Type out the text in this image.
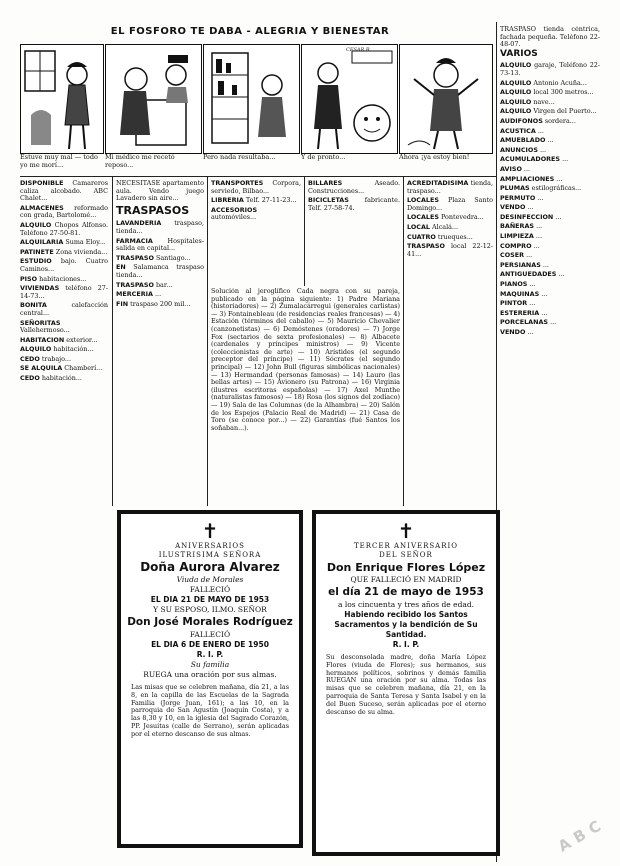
EL FOSFORO TE DABA - ALEGRIA Y BIENESTAR
CESAR B.
Estuve muy mal — todo yo me morí...
Mi médico me recetó reposo...
Pero nada resultaba...	Y de pronto...	Ahora ¡ya estoy bien!

DISPONIBLE Camareros caliza alcobado. ABC Chalet...

ALMACENES reformado con grada, Bartolomé...

ALQUILO Chopos Alfonso. Teléfono 27-50-81.

ALQUILARIA Suma Eloy...

PATINETE Zona vivienda...

ESTUDIO bajo. Cuatro Caminos...

PISO habitaciones...

VIVIENDAS teléfono 27-14-73...

BONITA	calefacción central...

SEÑORITAS Vallehermoso...

HABITACION exterior...

ALQUILO habitación...

CEDO trabajo...

SE ALQUILA Chamberí...

CEDO habitación...

NECESITASE apartamento aula. Vendo juego Lavadero sin aire...

TRASPASOS

LAVANDERIA traspaso, tienda...

FARMACIA Hospitales-salida en capital...

TRASPASO Santiago...

EN Salamanca traspaso tienda...

TRASPASO bar...

MERCERIA ...

FIN traspaso 200 mil...

TRANSPORTES Corpora, serviedo, Bilbao...

LIBRERIA Telf. 27-11-23...

ACCESORIOS automóviles...

BILLARES	Aseado. Construcciones...

BICICLETAS fabricante. Telf. 27-58-74.

Solución al jeroglífico Cada negra con su pareja, publicado en la página siguiente: 1) Padre Mariana (historiadores) — 2) Zumalacárregui (generales carlistas) — 3) Fontainebleau (de residencias reales francesas) — 4) Estación (términos del caballo) — 5) Mauricio Chevalier (canzonetistas) — 6) Demóstenes (oradores) — 7) Jorge Fox (sectarios de sexta profesionales) — 8) Albacete (cardenales y príncipes ministros) — 9) Vicente (coleccionistas de arte) — 10) Arístides (el segundo preceptor del príncipe) — 11) Sócrates (el segundo principal) — 12) John Bull (figuras simbólicas nacionales) — 13) Hermandad (personas famosas) — 14) Lauro (las bellas artes) — 15) Avionero (su Patrona) — 16) Virginia (ilustres escritoras españolas) — 17) Axel Munthe (naturalistas famosos) — 18) Rosa (los signos del zodíaco) — 19) Sala de las Columnas (de la Alhambra) — 20) Salón de los Espejos (Palacio Real de Madrid) — 21) Casa de Toro (se conoce por...) — 22) Garantías (fué Santos los soñaban...).

ACREDITADISIMA tienda, traspaso...

LOCALES Plaza Santo Domingo...

LOCALES Pontevedra...

LOCAL Alcalá...

CUATRO trueques...

TRASPASO local 22-12-41...

TRASPASO tienda céntrica, fachada pequeña. Teléfono 22-48-07.

VARIOS

ALQUILO garaje, Teléfono 22-73-13.

ALQUILO Antonio Acuña...

ALQUILO local 300 metros...

ALQUILO nave...

ALQUILO Virgen del Puerto...

AUDIFONOS sordera...

ACUSTICA ...

AMUEBLADO ...

ANUNCIOS ...

ACUMULADORES ...

AVISO ...

AMPLIACIONES ...

PLUMAS estilográficas...

PERMUTO ...

VENDO ...

DESINFECCION ...

BAÑERAS ...

LIMPIEZA ...

COMPRO ...

COSER ...

PERSIANAS ...

ANTIGUEDADES ...

PIANOS ...

MAQUINAS ...

PINTOR ...

ESTERERIA ...

PORCELANAS ...

VENDO ...

✝
ANIVERSARIOS
ILUSTRISIMA SEÑORA
Doña Aurora Alvarez
Viuda de Morales
FALLECIÓ
EL DIA 21 DE MAYO DE 1953
Y SU ESPOSO, ILMO. SEÑOR
Don José Morales Rodríguez
FALLECIÓ
EL DIA 6 DE ENERO DE 1950
R. I. P.
Su familia
RUEGA una oración por sus almas.
Las misas que se celebren mañana, día 21, a las 8, en la capilla de las Escuelas de la Sagrada Familia (Jorge Juan, 161); a las 10, en la parroquia de San Agustín (Joaquín Costa), y a las 8,30 y 10, en la iglesia del Sagrado Corazón, PP. Jesuitas (calle de Serrano), serán aplicadas por el eterno descanso de sus almas.
✝
TERCER ANIVERSARIO
DEL SEÑOR
Don Enrique Flores López
QUE FALLECIÓ EN MADRID
el día 21 de mayo de 1953
a los cincuenta y tres años de edad.
Habiendo recibido los Santos Sacramentos y la bendición de Su Santidad.
R. I. P.
Su desconsolada madre, doña María López Flores (viuda de Flores); sus hermanos, sus hermanos políticos, sobrinos y demás familia RUEGAN una oración por su alma. Todas las misas que se celebren mañana, día 21, en la parroquia de Santa Teresa y Santa Isabel y en la del Buen Suceso, serán aplicadas por el eterno descanso de su alma.
ABC
